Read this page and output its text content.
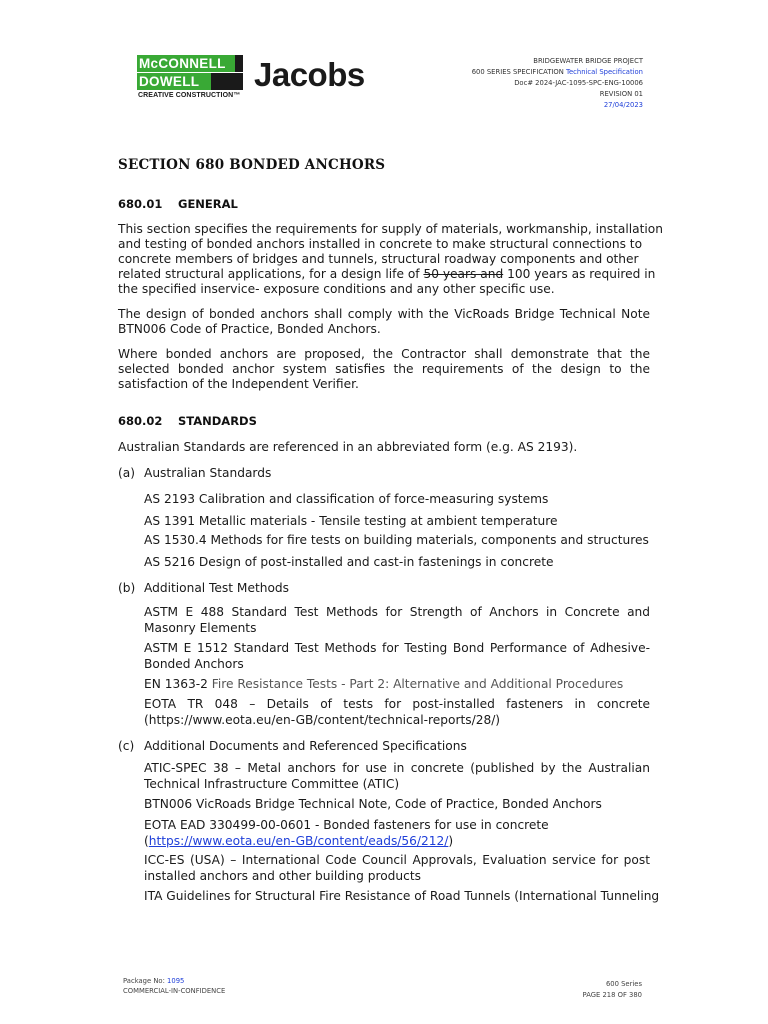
McCONNELL
DOWELL
CREATIVE CONSTRUCTION™
Jacobs	BRIDGEWATER BRIDGE PROJECT
600 SERIES SPECIFICATION Technical Specification
Doc# 2024-JAC-1095-SPC-ENG-10006
REVISION 01
27/04/2023
SECTION 680 BONDED ANCHORS
680.01 GENERAL
This section specifies the requirements for supply of materials, workmanship, installation
and testing of bonded anchors installed in concrete to make structural connections to
concrete members of bridges and tunnels, structural roadway components and other
related structural applications, for a design life of 50 years and 100 years as required in
the specified inservice- exposure conditions and any other specific use.
The design of bonded anchors shall comply with the VicRoads Bridge Technical Note BTN006 Code of Practice, Bonded Anchors.
Where bonded anchors are proposed, the Contractor shall demonstrate that the selected bonded anchor system satisfies the requirements of the design to the satisfaction of the Independent Verifier.
680.02 STANDARDS
Australian Standards are referenced in an abbreviated form (e.g. AS 2193).
(a) Australian Standards
AS 2193 Calibration and classification of force-measuring systems
AS 1391 Metallic materials - Tensile testing at ambient temperature
AS 1530.4 Methods for fire tests on building materials, components and structures
AS 5216 Design of post-installed and cast-in fastenings in concrete
(b) Additional Test Methods
ASTM E 488 Standard Test Methods for Strength of Anchors in Concrete and Masonry Elements
ASTM E 1512 Standard Test Methods for Testing Bond Performance of Adhesive-Bonded Anchors
EN 1363-2 Fire Resistance Tests - Part 2: Alternative and Additional Procedures
EOTA TR 048 – Details of tests for post-installed fasteners in concrete (https://www.eota.eu/en-GB/content/technical-reports/28/)
(c) Additional Documents and Referenced Specifications
ATIC-SPEC 38 – Metal anchors for use in concrete (published by the Australian Technical Infrastructure Committee (ATIC)
BTN006 VicRoads Bridge Technical Note, Code of Practice, Bonded Anchors
EOTA EAD 330499-00-0601 - Bonded fasteners for use in concrete
(https://www.eota.eu/en-GB/content/eads/56/212/)
ICC-ES (USA) – International Code Council Approvals, Evaluation service for post installed anchors and other building products
ITA Guidelines for Structural Fire Resistance of Road Tunnels (International Tunneling
Package No: 1095
COMMERCIAL-IN-CONFIDENCE
600 Series
PAGE 218 OF 380
